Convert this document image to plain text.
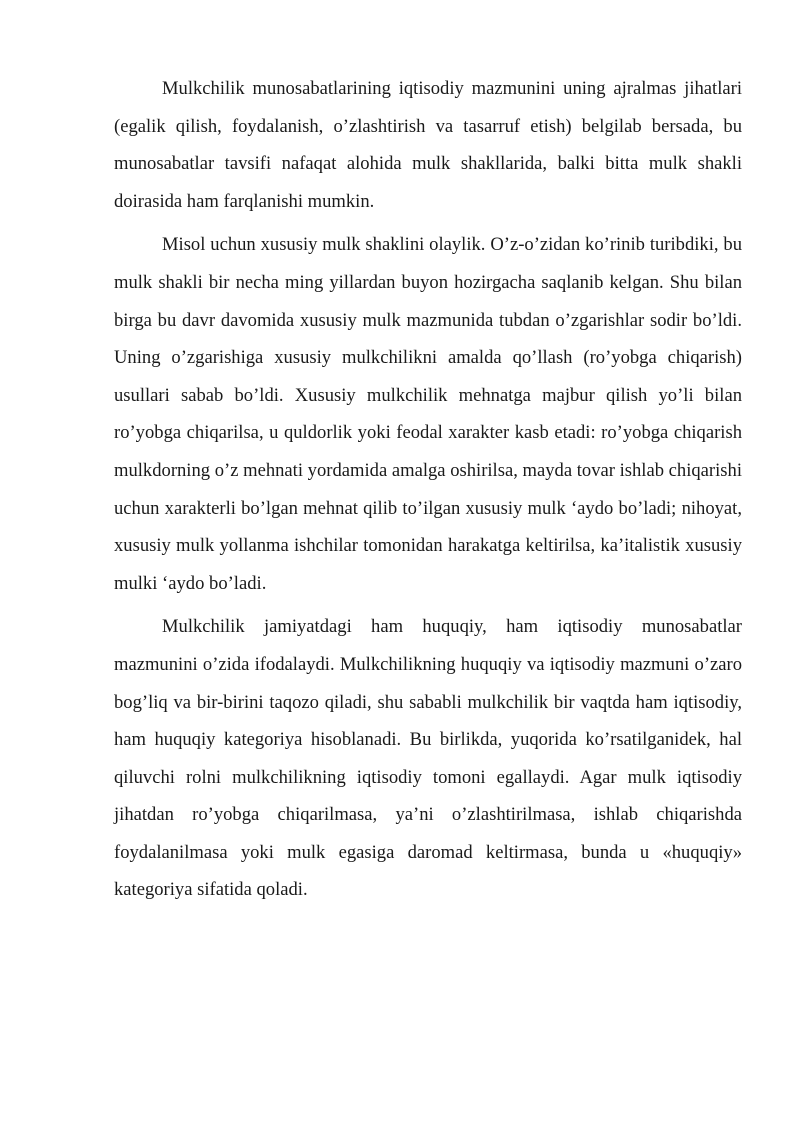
Mulkchilik munosabatlarining iqtisodiy mazmunini uning ajralmas jihatlari (egalik qilish, foydalanish, o’zlashtirish va tasarruf etish) belgilab bersada, bu munosabatlar tavsifi nafaqat alohida mulk shakllarida, balki bitta mulk shakli doirasida ham farqlanishi mumkin.

Misol uchun xususiy mulk shaklini olaylik. O’z-o’zidan ko’rinib turibdiki, bu mulk shakli bir necha ming yillardan buyon hozirgacha saqlanib kelgan. Shu bilan birga bu davr davomida xususiy mulk mazmunida tubdan o’zgarishlar sodir bo’ldi. Uning o’zgarishiga xususiy mulkchilikni amalda qo’llash (ro’yobga chiqarish) usullari sabab bo’ldi. Xususiy mulkchilik mehnatga majbur qilish yo’li bilan ro’yobga chiqarilsa, u quldorlik yoki feodal xarakter kasb etadi: ro’yobga chiqarish mulkdorning o’z mehnati yordamida amalga oshirilsa, mayda tovar ishlab chiqarishi uchun xarakterli bo’lgan mehnat qilib to’ilgan xususiy mulk ‘aydo bo’ladi; nihoyat, xususiy mulk yollanma ishchilar tomonidan harakatga keltirilsa, ka’italistik xususiy mulki ‘aydo bo’ladi.

Mulkchilik jamiyatdagi ham huquqiy, ham iqtisodiy munosabatlar mazmunini o’zida ifodalaydi. Mulkchilikning huquqiy va iqtisodiy mazmuni o’zaro bog’liq va bir-birini taqozo qiladi, shu sababli mulkchilik bir vaqtda ham iqtisodiy, ham huquqiy kategoriya hisoblanadi. Bu birlikda, yuqorida ko’rsatilganidek, hal qiluvchi rolni mulkchilikning iqtisodiy tomoni egallaydi. Agar mulk iqtisodiy jihatdan ro’yobga chiqarilmasa, ya’ni o’zlashtirilmasa, ishlab chiqarishda foydalanilmasa yoki mulk egasiga daromad keltirmasa, bunda u «huquqiy» kategoriya sifatida qoladi.
